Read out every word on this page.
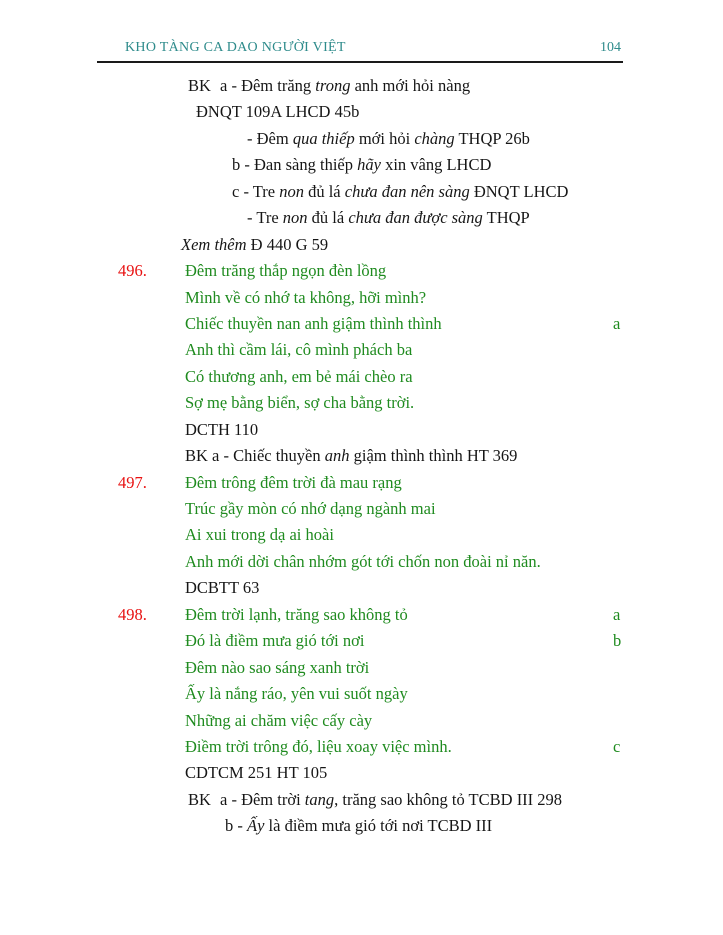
KHO TÀNG CA DAO NGƯỜI VIỆT	104
BK a - Đêm trăng trong anh mới hỏi nàng
ĐNQT 109A LHCD 45b
- Đêm qua thiếp mới hỏi chàng THQP 26b
b - Đan sàng thiếp hãy xin vâng LHCD
c - Tre non đủ lá chưa đan nên sàng ĐNQT LHCD
- Tre non đủ lá chưa đan được sàng THQP
Xem thêm Đ 440 G 59
496. Đêm trăng thắp ngọn đèn lồng
Mình về có nhớ ta không, hỡi mình?
Chiếc thuyền nan anh giậm thình thình	a
Anh thì cầm lái, cô mình phách ba
Có thương anh, em bẻ mái chèo ra
Sợ mẹ bằng biển, sợ cha bằng trời.
DCTH 110
BK a - Chiếc thuyền anh giậm thình thình HT 369
497. Đêm trông đêm trời đà mau rạng
Trúc gầy mòn có nhớ dạng ngành mai
Ai xui trong dạ ai hoài
Anh mới dời chân nhớm gót tới chốn non đoài nỉ năn.
DCBTT 63
498. Đêm trời lạnh, trăng sao không tỏ	a
Đó là điềm mưa gió tới nơi	b
Đêm nào sao sáng xanh trời
Ấy là nắng ráo, yên vui suốt ngày
Những ai chăm việc cấy cày
Điềm trời trông đó, liệu xoay việc mình.	c
CDTCM 251 HT 105
BK a - Đêm trời tang, trăng sao không tỏ TCBD III 298
b - Ấy là điềm mưa gió tới nơi TCBD III
